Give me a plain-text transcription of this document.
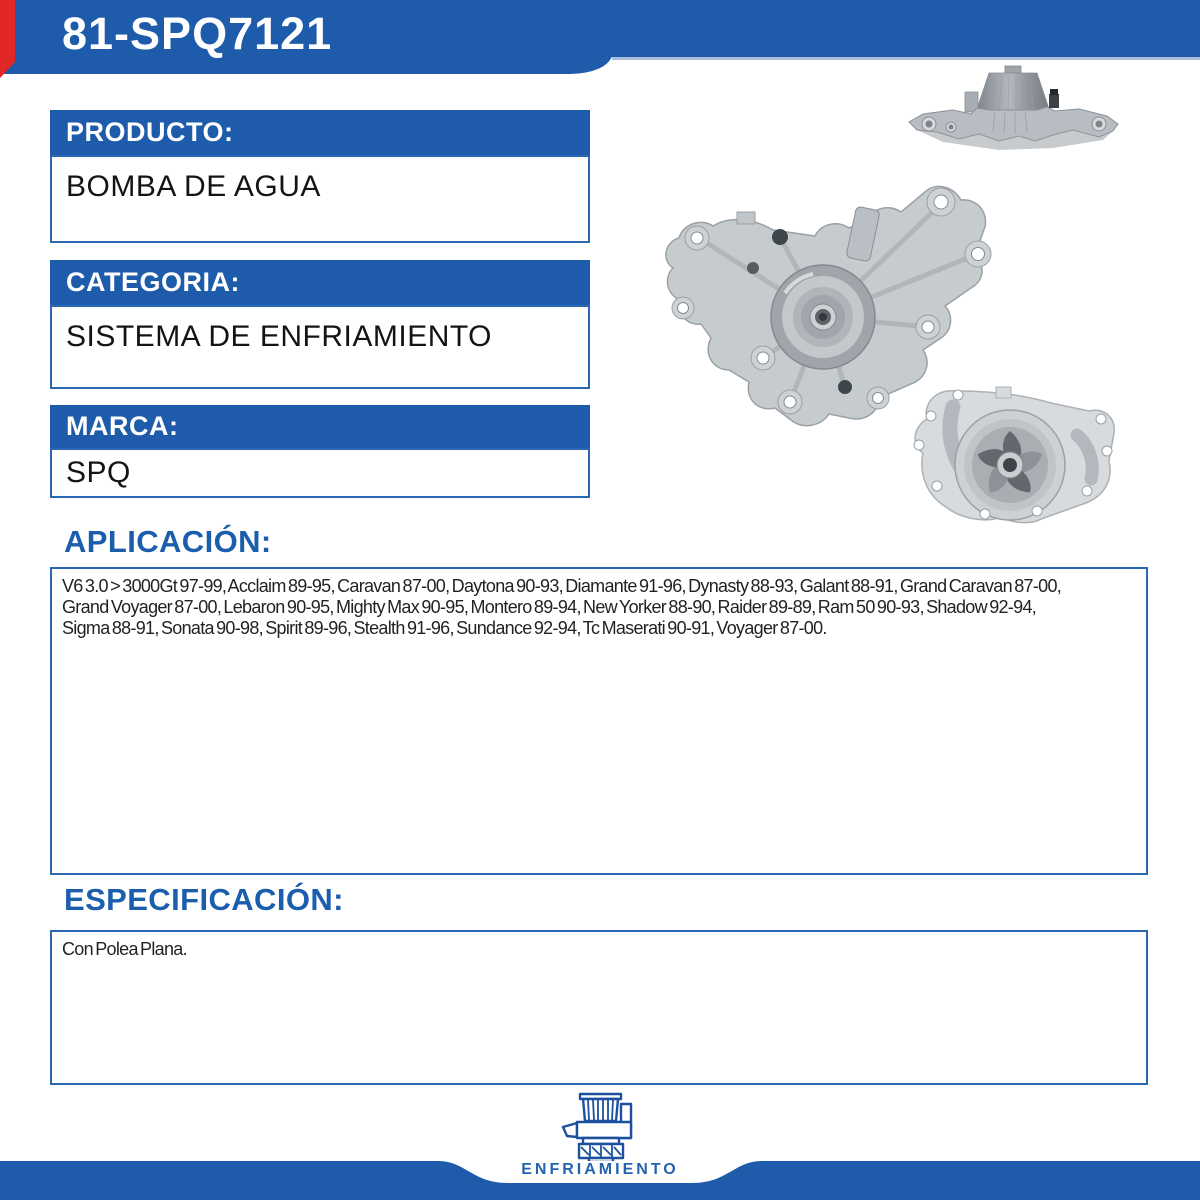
81-SPQ7121
PRODUCTO:
BOMBA DE AGUA
CATEGORIA:
SISTEMA DE ENFRIAMIENTO
MARCA:
SPQ
APLICACIÓN:
V6 3.0 > 3000Gt 97-99, Acclaim 89-95, Caravan 87-00, Daytona 90-93, Diamante 91-96, Dynasty 88-93, Galant 88-91, Grand Caravan 87-00,
Grand Voyager 87-00, Lebaron 90-95, Mighty Max 90-95, Montero 89-94, New Yorker 88-90, Raider 89-89, Ram 50 90-93, Shadow 92-94,
Sigma 88-91, Sonata 90-98, Spirit 89-96, Stealth 91-96, Sundance 92-94, Tc Maserati 90-91, Voyager 87-00.
ESPECIFICACIÓN:
Con Polea Plana.
ENFRIAMIENTO
